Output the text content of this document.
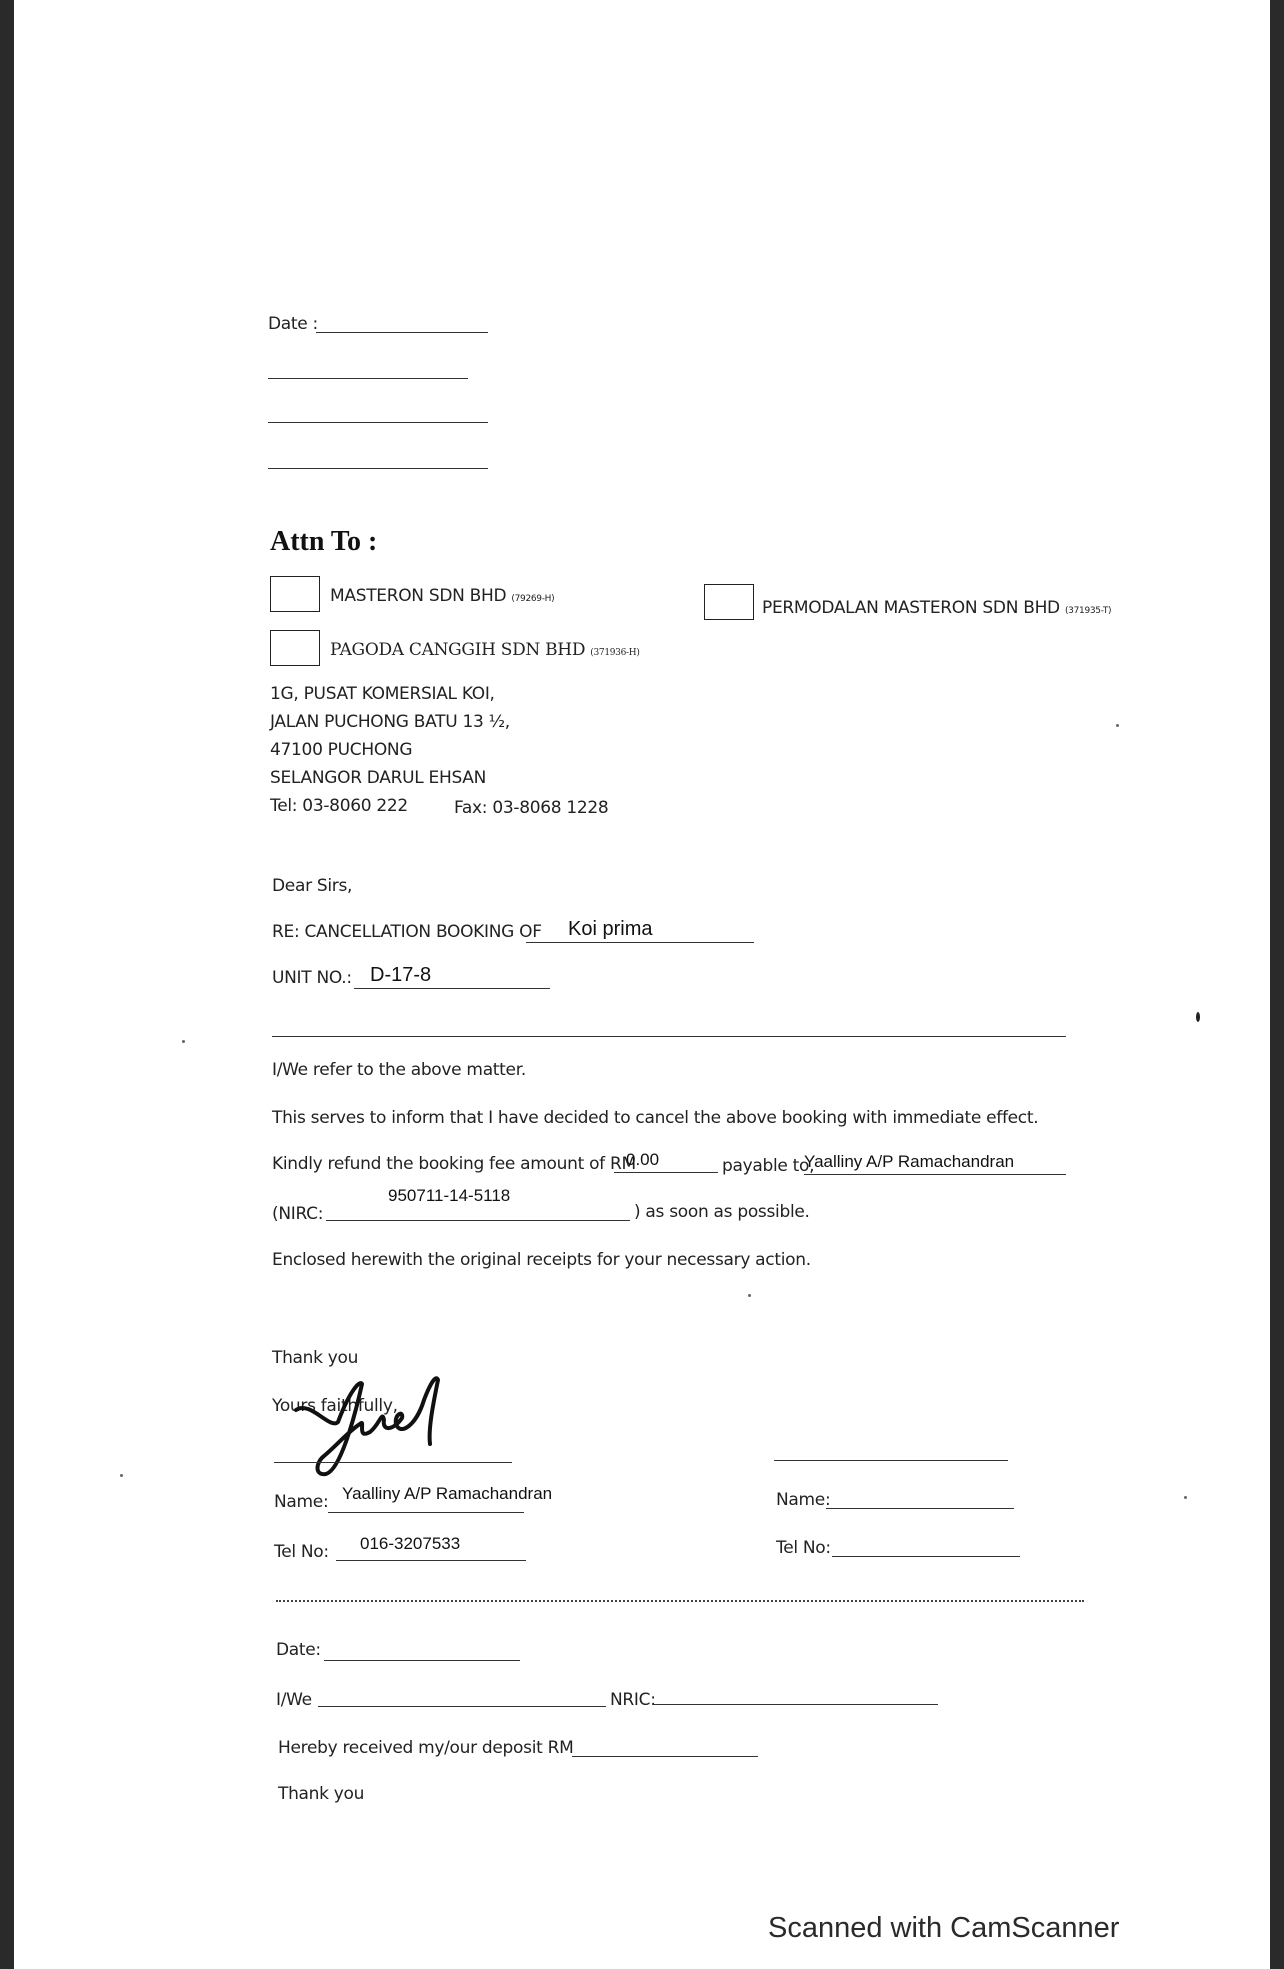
Date :
Attn To :
MASTERON SDN BHD (79269-H)	PERMODALAN MASTERON SDN BHD (371935-T)
PAGODA CANGGIH SDN BHD (371936-H)
1G, PUSAT KOMERSIAL KOI,
JALAN PUCHONG BATU 13 ½,
47100 PUCHONG
SELANGOR DARUL EHSAN
Tel: 03-8060 222	Fax: 03-8068 1228
Dear Sirs,
RE: CANCELLATION BOOKING OF Koi prima
UNIT NO.: D-17-8
I/We refer to the above matter.
This serves to inform that I have decided to cancel the above booking with immediate effect.
Kindly refund the booking fee amount of RM
0.00	payable to,
Yaalliny A/P Ramachandran
950711-14-5118
(NIRC:	) as soon as possible.
Enclosed herewith the original receipts for your necessary action.
Thank you
Yours faithfully,
Name: Yaalliny A/P Ramachandran
Tel No: 016-3207533
Name:
Tel No:
Date:
I/We	NRIC:
Hereby received my/our deposit RM
Thank you
Scanned with CamScanner
